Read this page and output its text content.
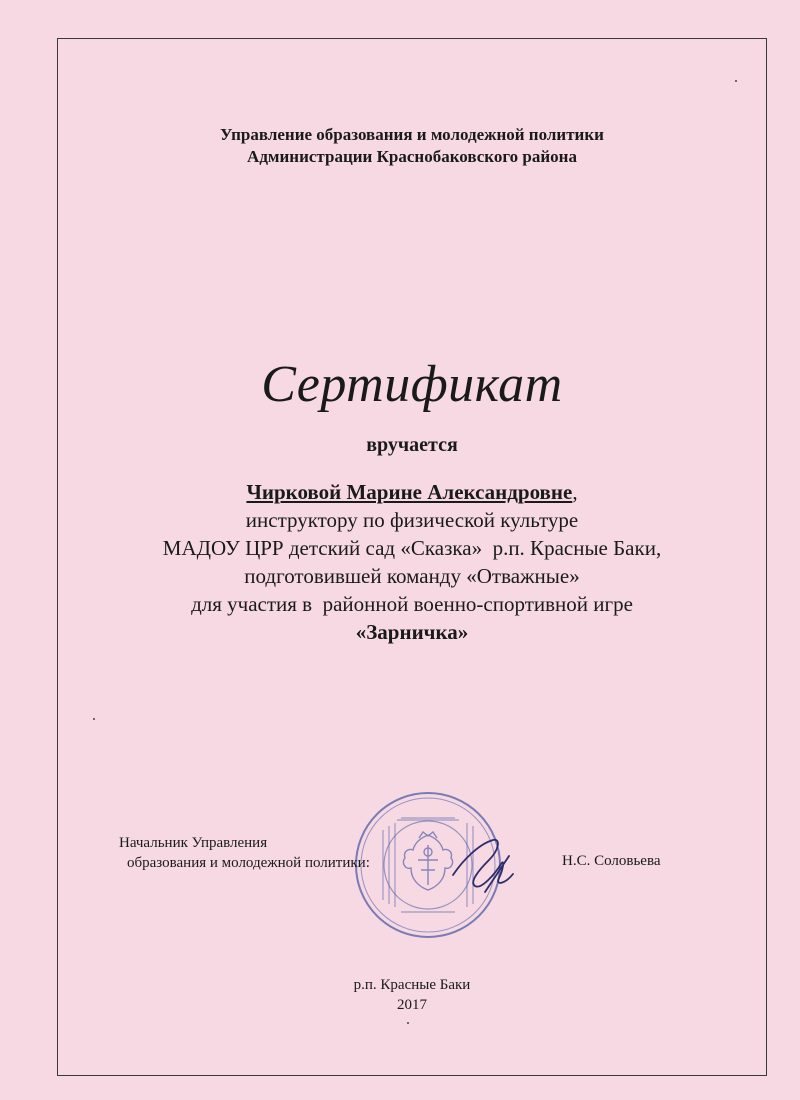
Управление образования и молодежной политики
Администрации Краснобаковского района
Сертификат
вручается
Чирковой Марине Александровне,
инструктору по физической культуре
МАДОУ ЦРР детский сад «Сказка»  р.п. Красные Баки,
подготовившей команду «Отважные»
для участия в  районной военно-спортивной игре
«Зарничка»
Начальник Управления
образования и молодежной политики:	Н.С. Соловьева
р.п. Красные Баки
2017
